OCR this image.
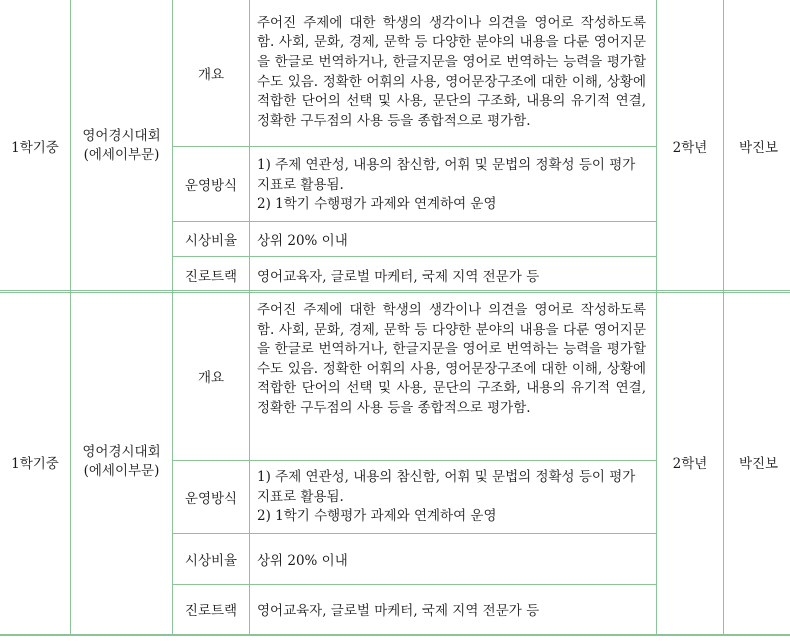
1학기중	영어경시대회
(에세이부문)	개요	주어진 주제에 대한 학생의 생각이나 의견을 영어로 작성하도록 함. 사회, 문화, 경제, 문학 등 다양한 분야의 내용을 다룬 영어지문을 한글로 번역하거나, 한글지문을 영어로 번역하는 능력을 평가할 수도 있음. 정확한 어휘의 사용, 영어문장구조에 대한 이해, 상황에 적합한 단어의 선택 및 사용, 문단의 구조화, 내용의 유기적 연결, 정확한 구두점의 사용 등을 종합적으로 평가함.	2학년	박진보
		운영방식	1) 주제 연관성, 내용의 참신함, 어휘 및 문법의 정확성 등이 평가 지표로 활용됨.
2) 1학기 수행평가 과제와 연계하여 운영		

		시상비율	상위 20% 이내		
		진로트랙	영어교육자, 글로벌 마케터, 국제 지역 전문가 등		
1학기중	영어경시대회
(에세이부문)	개요	주어진 주제에 대한 학생의 생각이나 의견을 영어로 작성하도록 함. 사회, 문화, 경제, 문학 등 다양한 분야의 내용을 다룬 영어지문을 한글로 번역하거나, 한글지문을 영어로 번역하는 능력을 평가할 수도 있음. 정확한 어휘의 사용, 영어문장구조에 대한 이해, 상황에 적합한 단어의 선택 및 사용, 문단의 구조화, 내용의 유기적 연결, 정확한 구두점의 사용 등을 종합적으로 평가함.	2학년	박진보
		운영방식	1) 주제 연관성, 내용의 참신함, 어휘 및 문법의 정확성 등이 평가 지표로 활용됨.
2) 1학기 수행평가 과제와 연계하여 운영		

		시상비율	상위 20% 이내		
		진로트랙	영어교육자, 글로벌 마케터, 국제 지역 전문가 등		
